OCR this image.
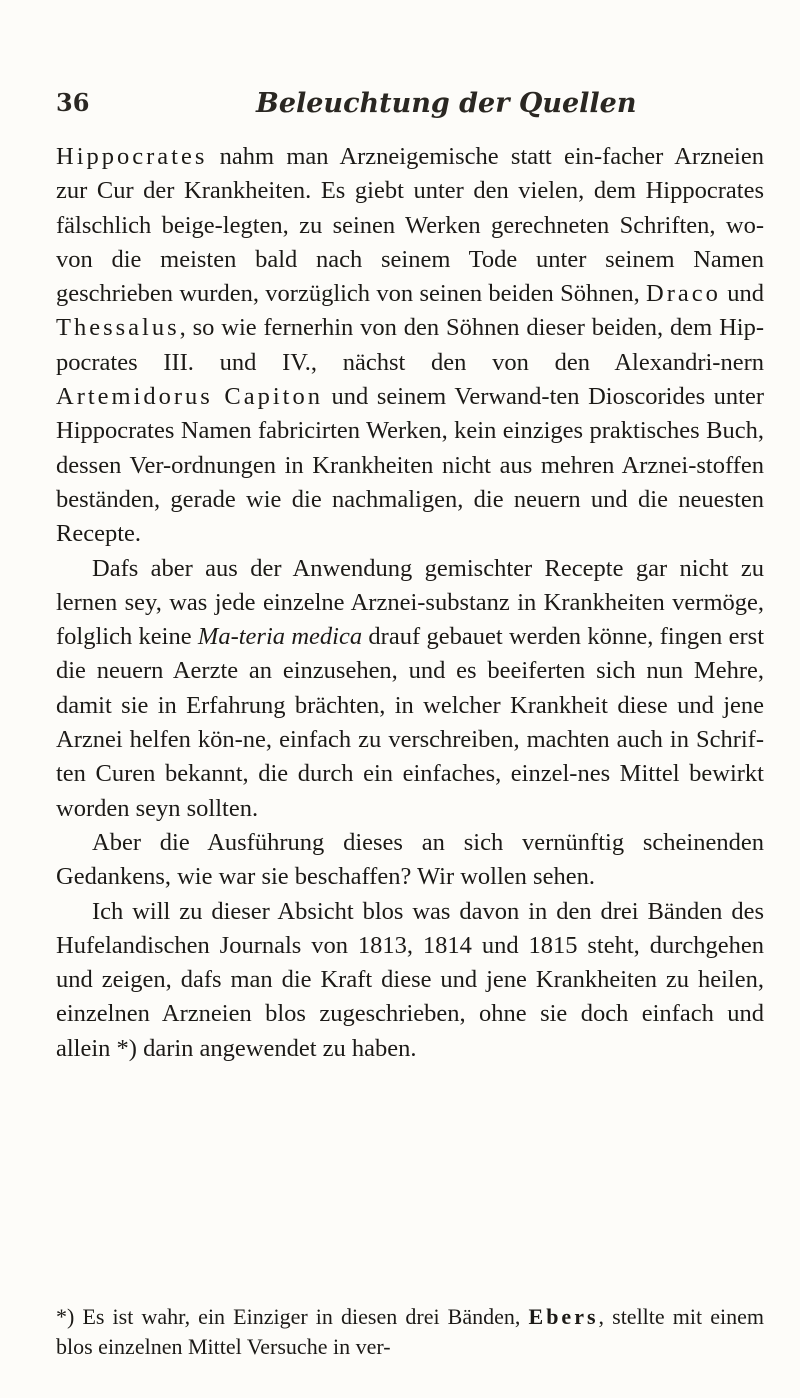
36	Beleuchtung der Quellen

Hippocrates nahm man Arzneigemische statt ein-facher Arzneien zur Cur der Krankheiten. Es giebt unter den vielen, dem Hippocrates fälschlich beige-legten, zu seinen Werken gerechneten Schriften, wo-von die meisten bald nach seinem Tode unter seinem Namen geschrieben wurden, vorzüglich von seinen beiden Söhnen, Draco und Thessalus, so wie fernerhin von den Söhnen dieser beiden, dem Hip-pocrates III. und IV., nächst den von den Alexandri-nern Artemidorus Capiton und seinem Verwand-ten Dioscorides unter Hippocrates Namen fabricirten Werken, kein einziges praktisches Buch, dessen Ver-ordnungen in Krankheiten nicht aus mehren Arznei-stoffen beständen, gerade wie die nachmaligen, die neuern und die neuesten Recepte.

Dafs aber aus der Anwendung gemischter Recepte gar nicht zu lernen sey, was jede einzelne Arznei-substanz in Krankheiten vermöge, folglich keine Ma-teria medica drauf gebauet werden könne, fingen erst die neuern Aerzte an einzusehen, und es beeiferten sich nun Mehre, damit sie in Erfahrung brächten, in welcher Krankheit diese und jene Arznei helfen kön-ne, einfach zu verschreiben, machten auch in Schrif-ten Curen bekannt, die durch ein einfaches, einzel-nes Mittel bewirkt worden seyn sollten.

Aber die Ausführung dieses an sich vernünftig scheinenden Gedankens, wie war sie beschaffen? Wir wollen sehen.

Ich will zu dieser Absicht blos was davon in den drei Bänden des Hufelandischen Journals von 1813, 1814 und 1815 steht, durchgehen und zeigen, dafs man die Kraft diese und jene Krankheiten zu heilen, einzelnen Arzneien blos zugeschrieben, ohne sie doch einfach und allein *) darin angewendet zu haben.

*) Es ist wahr, ein Einziger in diesen drei Bänden, Ebers, stellte mit einem blos einzelnen Mittel Versuche in ver-
